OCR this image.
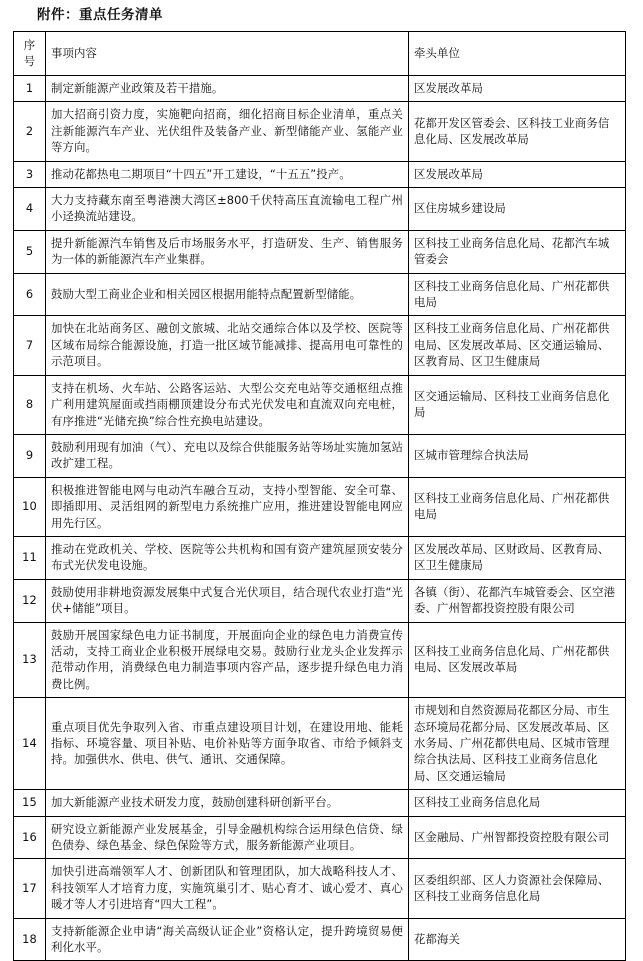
附件：重点任务清单
序
号	事项内容	牵头单位
1	制定新能源产业政策及若干措施。	区发展改革局
2	加大招商引资力度，实施靶向招商，细化招商目标企业清单，重点关注新能源汽车产业、光伏组件及装备产业、新型储能产业、氢能产业等方向。	花都开发区管委会、区科技工业商务信息化局、区发展改革局
3	推动花都热电二期项目“十四五”开工建设，“十五五”投产。	区发展改革局
4	大力支持藏东南至粤港澳大湾区±800千伏特高压直流输电工程广州小迳换流站建设。	区住房城乡建设局
5	提升新能源汽车销售及后市场服务水平，打造研发、生产、销售服务为一体的新能源汽车产业集群。	区科技工业商务信息化局、花都汽车城管委会
6	鼓励大型工商业企业和相关园区根据用能特点配置新型储能。	区科技工业商务信息化局、广州花都供电局
7	加快在北站商务区、融创文旅城、北站交通综合体以及学校、医院等区域布局综合能源设施，打造一批区域节能减排、提高用电可靠性的示范项目。	区科技工业商务信息化局、广州花都供电局、区发展改革局、区交通运输局、区教育局、区卫生健康局
8	支持在机场、火车站、公路客运站、大型公交充电站等交通枢纽点推广利用建筑屋面或挡雨棚顶建设分布式光伏发电和直流双向充电桩，有序推进“光储充换”综合性充换电站建设。	区交通运输局、区科技工业商务信息化局
9	鼓励利用现有加油（气）、充电以及综合供能服务站等场址实施加氢站改扩建工程。	区城市管理综合执法局
10	积极推进智能电网与电动汽车融合互动，支持小型智能、安全可靠、即插即用、灵活组网的新型电力系统推广应用，推进建设智能电网应用先行区。	区科技工业商务信息化局、广州花都供电局
11	推动在党政机关、学校、医院等公共机构和国有资产建筑屋顶安装分布式光伏发电设施。	区发展改革局、区财政局、区教育局、区卫生健康局
12	鼓励使用非耕地资源发展集中式复合光伏项目，结合现代农业打造“光伏+储能”项目。	各镇（街）、花都汽车城管委会、区空港委、广州智都投资控股有限公司
13	鼓励开展国家绿色电力证书制度，开展面向企业的绿色电力消费宣传活动，支持工商业企业积极开展绿电交易。鼓励行业龙头企业发挥示范带动作用，消费绿色电力制造事项内容产品，逐步提升绿色电力消费比例。	区科技工业商务信息化局、广州花都供电局、区发展改革局
14	重点项目优先争取列入省、市重点建设项目计划，在建设用地、能耗指标、环境容量、项目补贴、电价补贴等方面争取省、市给予倾斜支持。加强供水、供电、供气、通讯、交通保障。	市规划和自然资源局花都区分局、市生态环境局花都分局、区发展改革局、区水务局、广州花都供电局、区城市管理综合执法局、区科技工业商务信息化局、区交通运输局
15	加大新能源产业技术研发力度，鼓励创建科研创新平台。	区科技工业商务信息化局
16	研究设立新能源产业发展基金，引导金融机构综合运用绿色信贷、绿色债券、绿色基金、绿色保险等方式，服务新能源产业项目。	区金融局、广州智都投资控股有限公司
17	加快引进高端领军人才、创新团队和管理团队，加大战略科技人才、科技领军人才培育力度，实施筑巢引才、贴心育才、诚心爱才、真心暖才等人才引进培育“四大工程”。	区委组织部、区人力资源社会保障局、区科技工业商务信息化局
18	支持新能源企业申请“海关高级认证企业”资格认定，提升跨境贸易便利化水平。	花都海关
